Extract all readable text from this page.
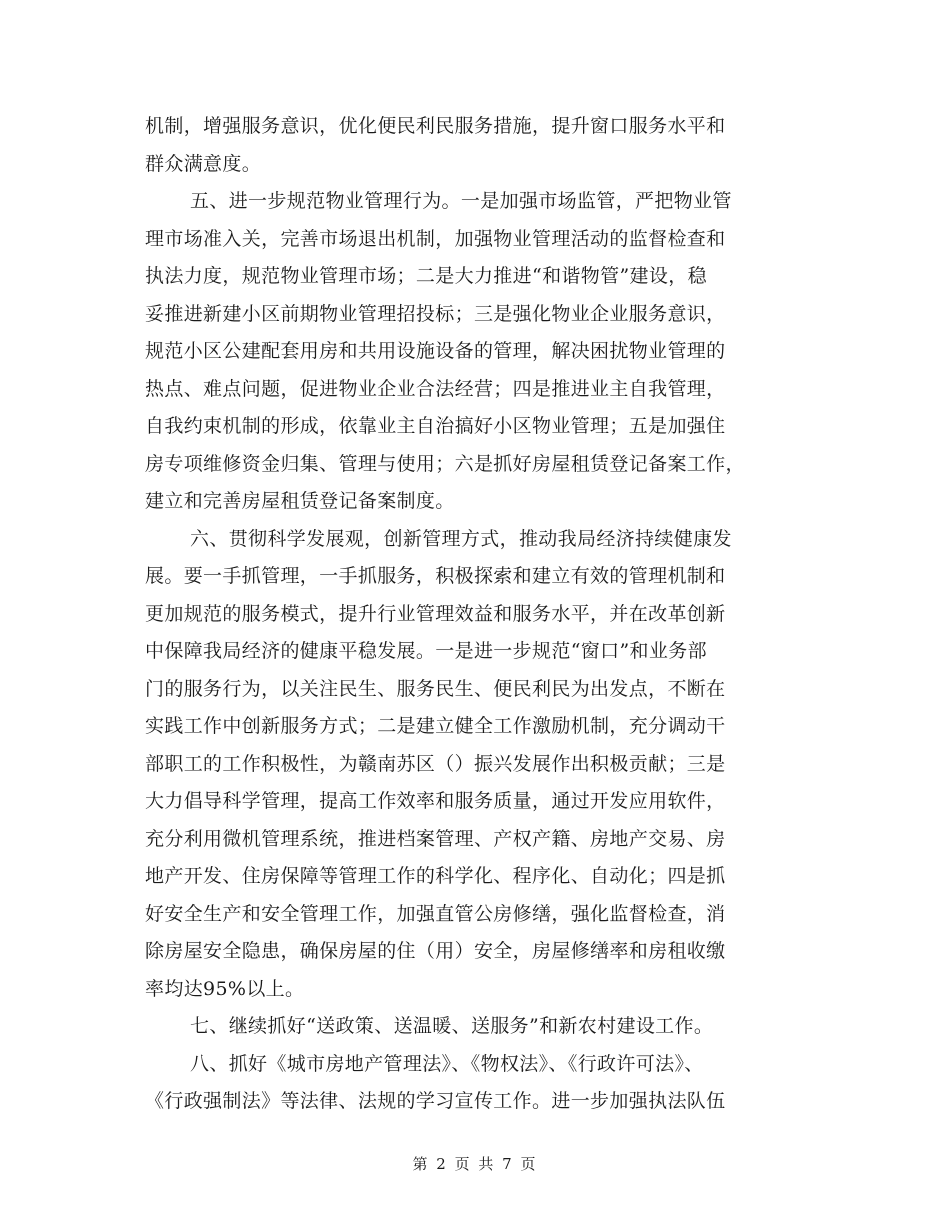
机制，增强服务意识，优化便民利民服务措施，提升窗口服务水平和
群众满意度。
五、进一步规范物业管理行为。一是加强市场监管，严把物业管
理市场准入关，完善市场退出机制，加强物业管理活动的监督检查和
执法力度，规范物业管理市场；二是大力推进“和谐物管”建设，稳
妥推进新建小区前期物业管理招投标；三是强化物业企业服务意识，
规范小区公建配套用房和共用设施设备的管理，解决困扰物业管理的
热点、难点问题，促进物业企业合法经营；四是推进业主自我管理，
自我约束机制的形成，依靠业主自治搞好小区物业管理；五是加强住
房专项维修资金归集、管理与使用；六是抓好房屋租赁登记备案工作，
建立和完善房屋租赁登记备案制度。
六、贯彻科学发展观，创新管理方式，推动我局经济持续健康发
展。要一手抓管理，一手抓服务，积极探索和建立有效的管理机制和
更加规范的服务模式，提升行业管理效益和服务水平，并在改革创新
中保障我局经济的健康平稳发展。一是进一步规范“窗口”和业务部
门的服务行为，以关注民生、服务民生、便民利民为出发点，不断在
实践工作中创新服务方式；二是建立健全工作激励机制，充分调动干
部职工的工作积极性，为赣南苏区（）振兴发展作出积极贡献；三是
大力倡导科学管理，提高工作效率和服务质量，通过开发应用软件，
充分利用微机管理系统，推进档案管理、产权产籍、房地产交易、房
地产开发、住房保障等管理工作的科学化、程序化、自动化；四是抓
好安全生产和安全管理工作，加强直管公房修缮，强化监督检查，消
除房屋安全隐患，确保房屋的住（用）安全，房屋修缮率和房租收缴
率均达95%以上。
七、继续抓好“送政策、送温暖、送服务”和新农村建设工作。
八、抓好《城市房地产管理法》、《物权法》、《行政许可法》、
《行政强制法》等法律、法规的学习宣传工作。进一步加强执法队伍
第 2 页 共 7 页
